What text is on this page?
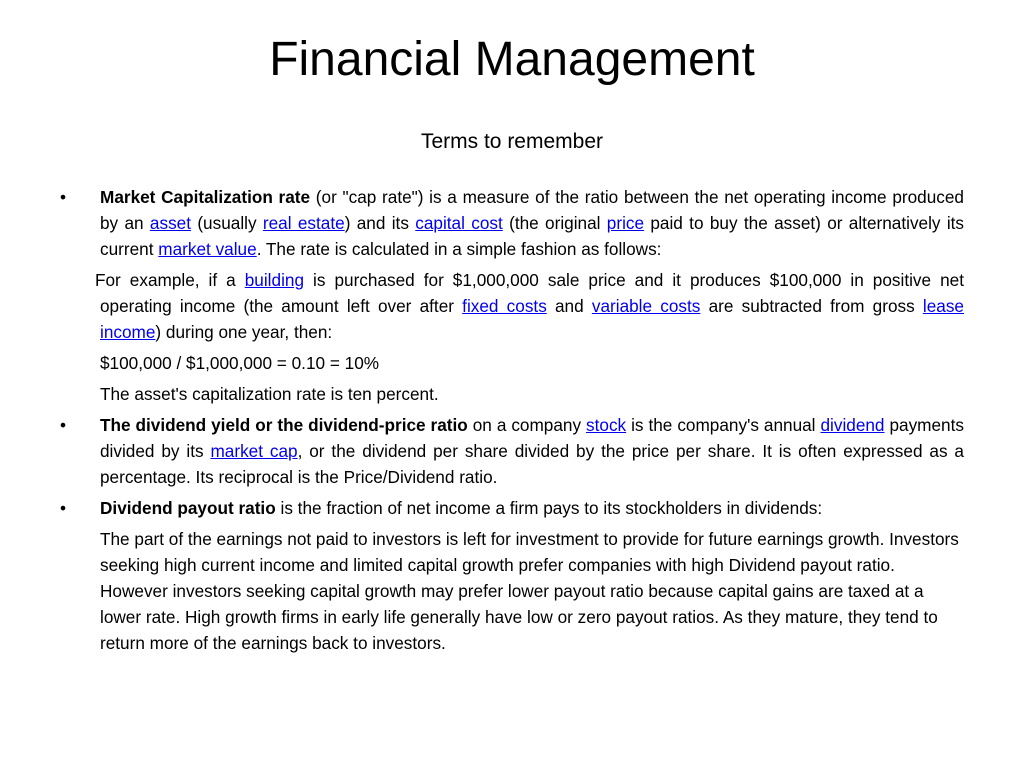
Financial Management
Terms to remember
•	Market Capitalization rate (or "cap rate") is a measure of the ratio between the net operating income produced by an asset (usually real estate) and its capital cost (the original price paid to buy the asset) or alternatively its current market value. The rate is calculated in a simple fashion as follows:
For example, if a building is purchased for $1,000,000 sale price and it produces $100,000 in positive net operating income (the amount left over after fixed costs and variable costs are subtracted from gross lease income) during one year, then:
$100,000 / $1,000,000 = 0.10 = 10%
The asset's capitalization rate is ten percent.
•	The dividend yield or the dividend-price ratio on a company stock is the company's annual dividend payments divided by its market cap, or the dividend per share divided by the price per share. It is often expressed as a percentage. Its reciprocal is the Price/Dividend ratio.
•	Dividend payout ratio is the fraction of net income a firm pays to its stockholders in dividends:
The part of the earnings not paid to investors is left for investment to provide for future earnings growth. Investors seeking high current income and limited capital growth prefer companies with high Dividend payout ratio. However investors seeking capital growth may prefer lower payout ratio because capital gains are taxed at a lower rate. High growth firms in early life generally have low or zero payout ratios. As they mature, they tend to return more of the earnings back to investors.
